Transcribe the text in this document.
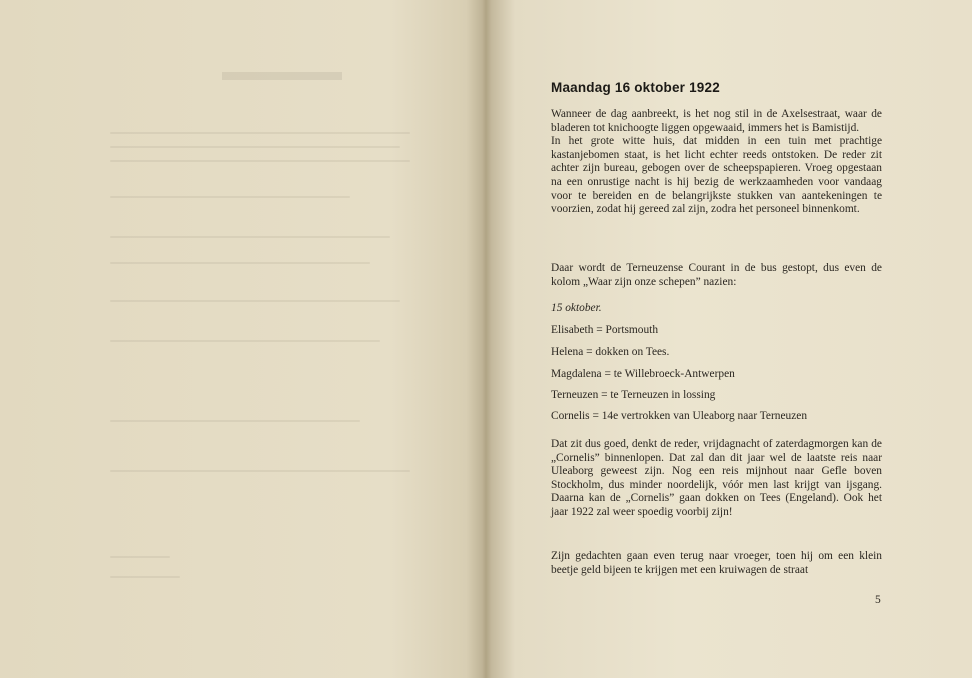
Maandag 16 oktober 1922

Wanneer de dag aanbreekt, is het nog stil in de Axelsestraat, waar de bladeren tot knichoogte liggen opgewaaid, immers het is Bamistijd.

In het grote witte huis, dat midden in een tuin met prachtige kastanjebomen staat, is het licht echter reeds ontstoken. De reder zit achter zijn bureau, gebogen over de scheepspapieren. Vroeg opgestaan na een onrustige nacht is hij bezig de werkzaamheden voor vandaag voor te bereiden en de belangrijkste stukken van aantekeningen te voorzien, zodat hij gereed zal zijn, zodra het personeel binnenkomt.

Daar wordt de Terneuzense Courant in de bus gestopt, dus even de kolom „Waar zijn onze schepen” nazien:

15 oktober.
Elisabeth = Portsmouth
Helena = dokken on Tees.
Magdalena = te Willebroeck-Antwerpen
Terneuzen = te Terneuzen in lossing
Cornelis = 14e vertrokken van Uleaborg naar Terneuzen

Dat zit dus goed, denkt de reder, vrijdagnacht of zaterdagmorgen kan de „Cornelis” binnenlopen. Dat zal dan dit jaar wel de laatste reis naar Uleaborg geweest zijn. Nog een reis mijnhout naar Gefle boven Stockholm, dus minder noordelijk, vóór men last krijgt van ijsgang. Daarna kan de „Cornelis” gaan dokken on Tees (Engeland). Ook het jaar 1922 zal weer spoedig voorbij zijn!

Zijn gedachten gaan even terug naar vroeger, toen hij om een klein beetje geld bijeen te krijgen met een kruiwagen de straat

5
